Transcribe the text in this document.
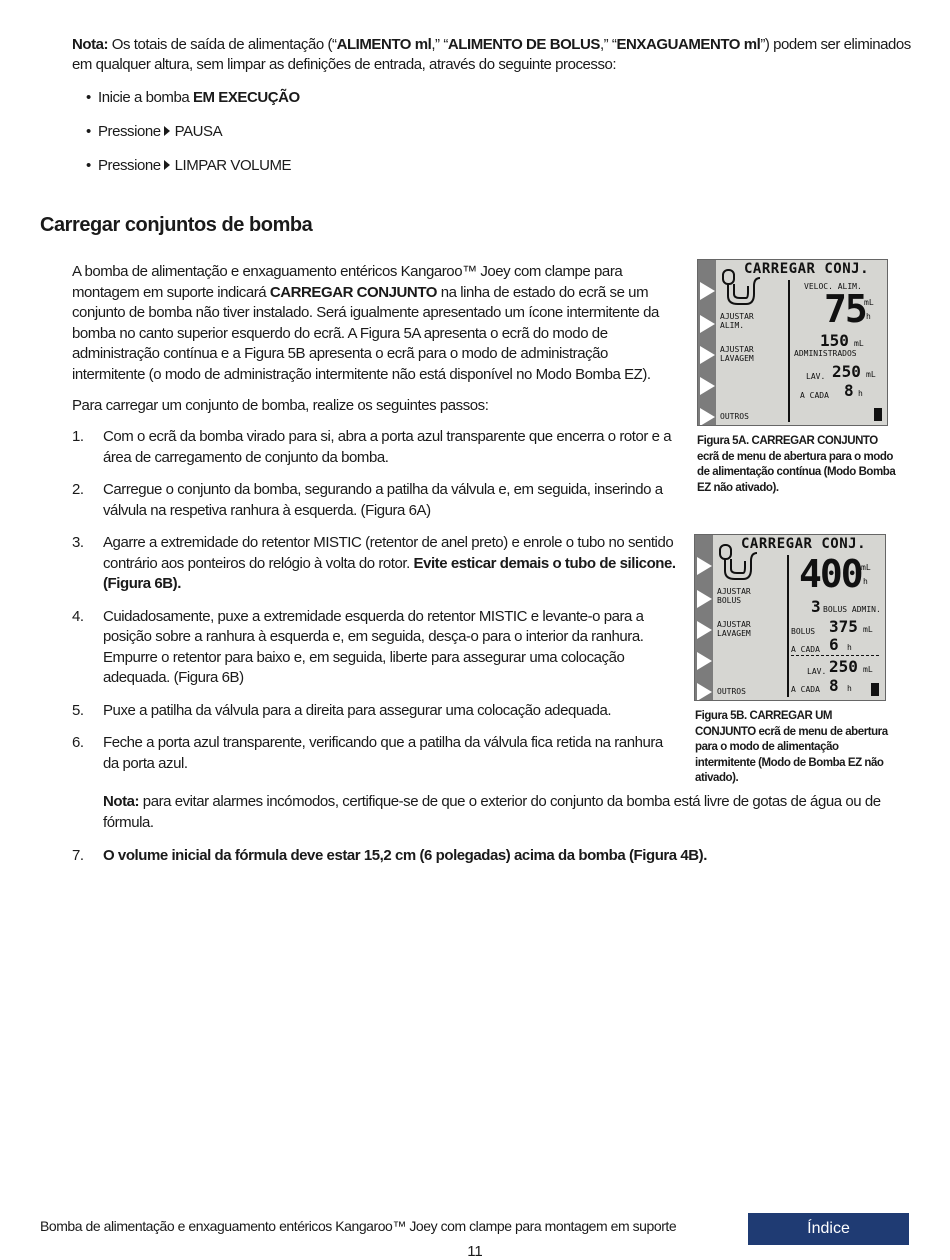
Nota: Os totais de saída de alimentação (“ALIMENTO ml,” “ALIMENTO DE BOLUS,” “ENXAGUAMENTO ml”) podem ser eliminados em qualquer altura, sem limpar as definições de entrada, através do seguinte processo:
• Inicie a bomba EM EXECUÇÃO
• Pressione PAUSA
• Pressione LIMPAR VOLUME
Carregar conjuntos de bomba
A bomba de alimentação e enxaguamento entéricos Kangaroo™ Joey com clampe para montagem em suporte indicará CARREGAR CONJUNTO na linha de estado do ecrã se um conjunto de bomba não tiver instalado. Será igualmente apresentado um ícone intermitente da bomba no canto superior esquerdo do ecrã. A Figura 5A apresenta o ecrã do modo de administração contínua e a Figura 5B apresenta o ecrã para o modo de administração intermitente (o modo de administração intermitente não está disponível no Modo Bomba EZ).
Para carregar um conjunto de bomba, realize os seguintes passos:
1. Com o ecrã da bomba virado para si, abra a porta azul transparente que encerra o rotor e a área de carregamento de conjunto da bomba.
2. Carregue o conjunto da bomba, segurando a patilha da válvula e, em seguida, inserindo a válvula na respetiva ranhura à esquerda. (Figura 6A)
3. Agarre a extremidade do retentor MISTIC (retentor de anel preto) e enrole o tubo no sentido contrário aos ponteiros do relógio à volta do rotor. Evite esticar demais o tubo de silicone. (Figura 6B).
4. Cuidadosamente, puxe a extremidade esquerda do retentor MISTIC e levante-o para a posição sobre a ranhura à esquerda e, em seguida, desça-o para o interior da ranhura. Empurre o retentor para baixo e, em seguida, liberte para assegurar uma colocação adequada. (Figura 6B)
5. Puxe a patilha da válvula para a direita para assegurar uma colocação adequada.
6. Feche a porta azul transparente, verificando que a patilha da válvula fica retida na ranhura da porta azul.
Nota: para evitar alarmes incómodos, certifique-se de que o exterior do conjunto da bomba está livre de gotas de água ou de fórmula.
7. O volume inicial da fórmula deve estar 15,2 cm (6 polegadas) acima da bomba (Figura 4B).
CARREGAR CONJ.
AJUSTAR
ALIM.
AJUSTAR
LAVAGEM
OUTROS
VELOC. ALIM.
75
mL
h
150 mL
ADMINISTRADOS
LAV. 250 mL
A CADA 8 h
Figura 5A. CARREGAR CONJUNTO ecrã de menu de abertura para o modo de alimentação contínua (Modo Bomba EZ não ativado).
CARREGAR CONJ.
AJUSTAR
BOLUS
AJUSTAR
LAVAGEM
OUTROS
400 mL
h
3 BOLUS ADMIN.
BOLUS 375 mL
A CADA 6 h
LAV. 250 mL
A CADA 8 h
Figura 5B. CARREGAR UM CONJUNTO ecrã de menu de abertura para o modo de alimentação intermitente (Modo de Bomba EZ não ativado).
Bomba de alimentação e enxaguamento entéricos Kangaroo™ Joey com clampe para montagem em suporte	Índice
11
